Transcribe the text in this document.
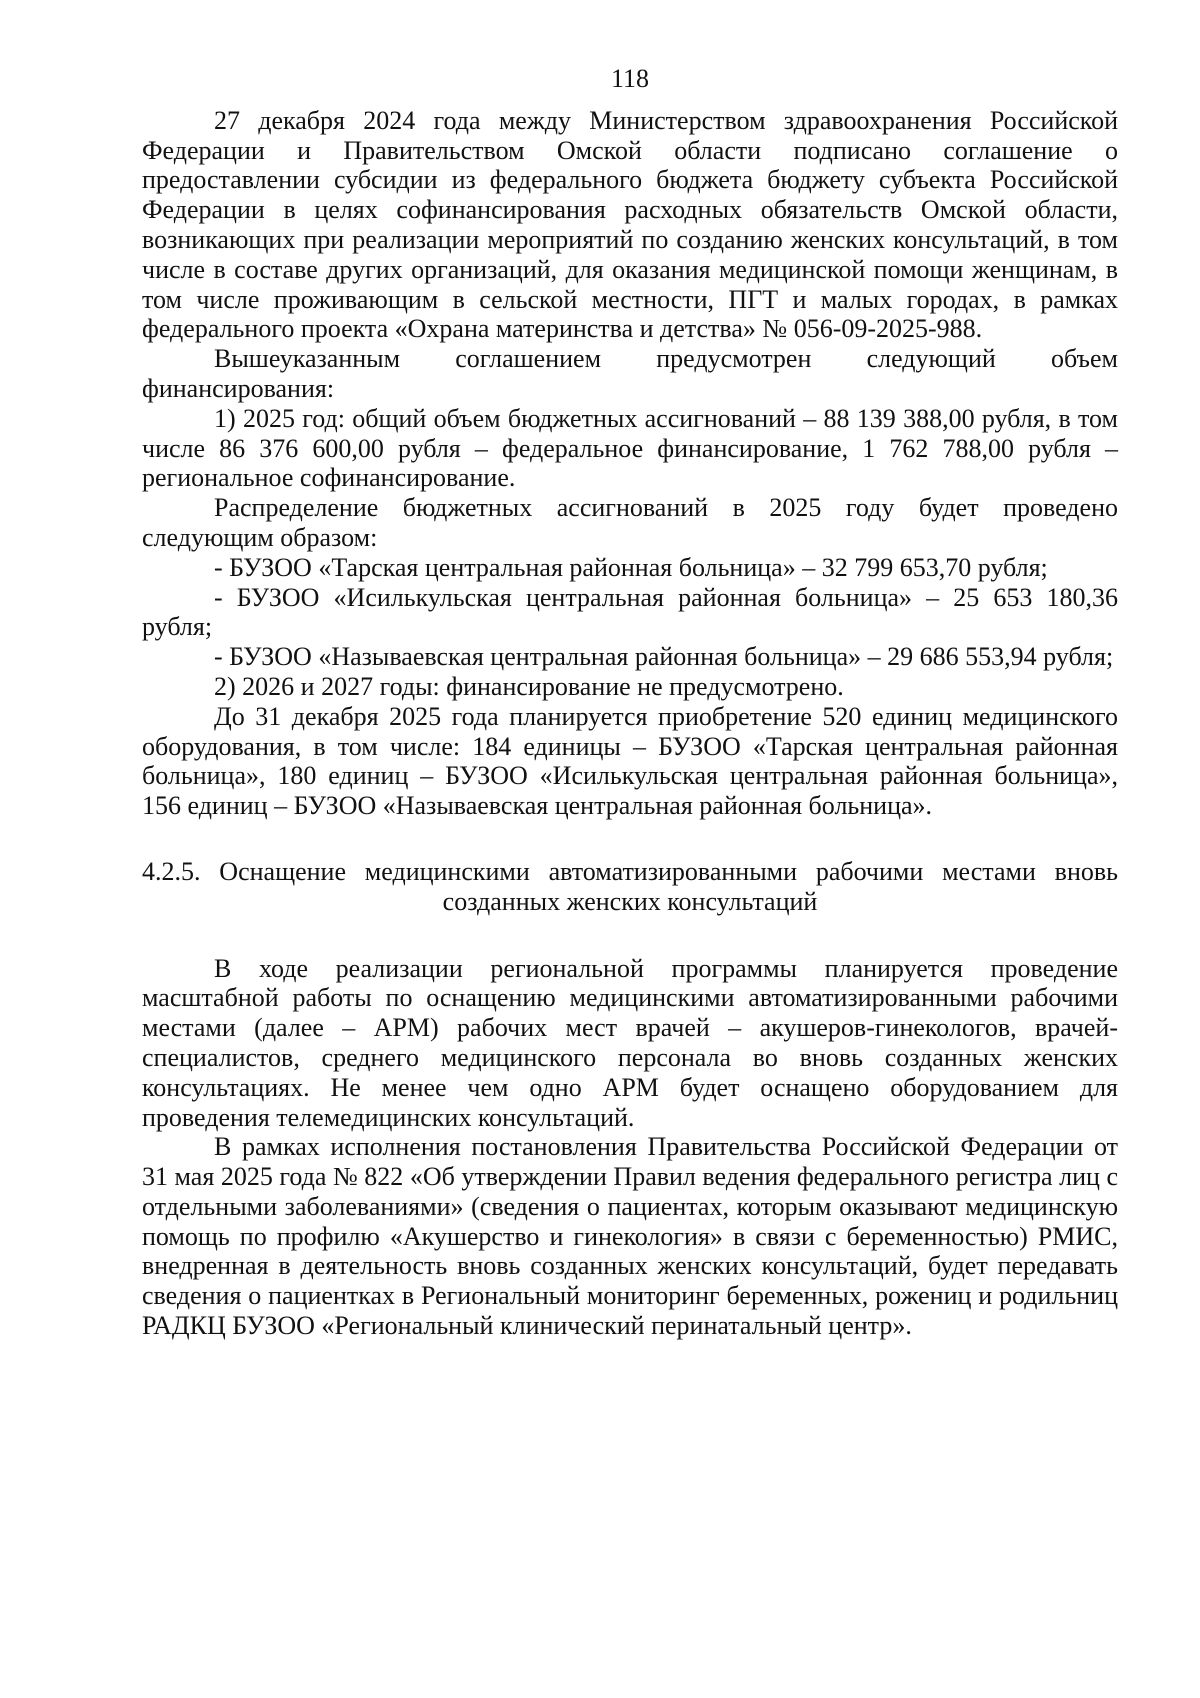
118

27 декабря 2024 года между Министерством здравоохранения Российской Федерации и Правительством Омской области подписано соглашение о предоставлении субсидии из федерального бюджета бюджету субъекта Российской Федерации в целях софинансирования расходных обязательств Омской области, возникающих при реализации мероприятий по созданию женских консультаций, в том числе в составе других организаций, для оказания медицинской помощи женщинам, в том числе проживающим в сельской местности, ПГТ и малых городах, в рамках федерального проекта «Охрана материнства и детства» № 056-09-2025-988.

Вышеуказанным соглашением предусмотрен следующий объем финансирования:

1) 2025 год: общий объем бюджетных ассигнований – 88 139 388,00 рубля, в том числе 86 376 600,00 рубля – федеральное финансирование, 1 762 788,00 рубля – региональное софинансирование.

Распределение бюджетных ассигнований в 2025 году будет проведено следующим образом:

- БУЗОО «Тарская центральная районная больница» – 32 799 653,70 рубля;

- БУЗОО «Исилькульская центральная районная больница» – 25 653 180,36 рубля;

- БУЗОО «Называевская центральная районная больница» – 29 686 553,94 рубля;

2) 2026 и 2027 годы: финансирование не предусмотрено.

До 31 декабря 2025 года планируется приобретение 520 единиц медицинского оборудования, в том числе: 184 единицы – БУЗОО «Тарская центральная районная больница», 180 единиц – БУЗОО «Исилькульская центральная районная больница», 156 единиц – БУЗОО «Называевская центральная районная больница».

4.2.5. Оснащение медицинскими автоматизированными рабочими местами вновь
созданных женских консультаций

В ходе реализации региональной программы планируется проведение масштабной работы по оснащению медицинскими автоматизированными рабочими местами (далее – АРМ) рабочих мест врачей – акушеров-гинекологов, врачей-специалистов, среднего медицинского персонала во вновь созданных женских консультациях. Не менее чем одно АРМ будет оснащено оборудованием для проведения телемедицинских консультаций.

В рамках исполнения постановления Правительства Российской Федерации от 31 мая 2025 года № 822 «Об утверждении Правил ведения федерального регистра лиц с отдельными заболеваниями» (сведения о пациентах, которым оказывают медицинскую помощь по профилю «Акушерство и гинекология» в связи с беременностью) РМИС, внедренная в деятельность вновь созданных женских консультаций, будет передавать сведения о пациентках в Региональный мониторинг беременных, рожениц и родильниц РАДКЦ БУЗОО «Региональный клинический перинатальный центр».
